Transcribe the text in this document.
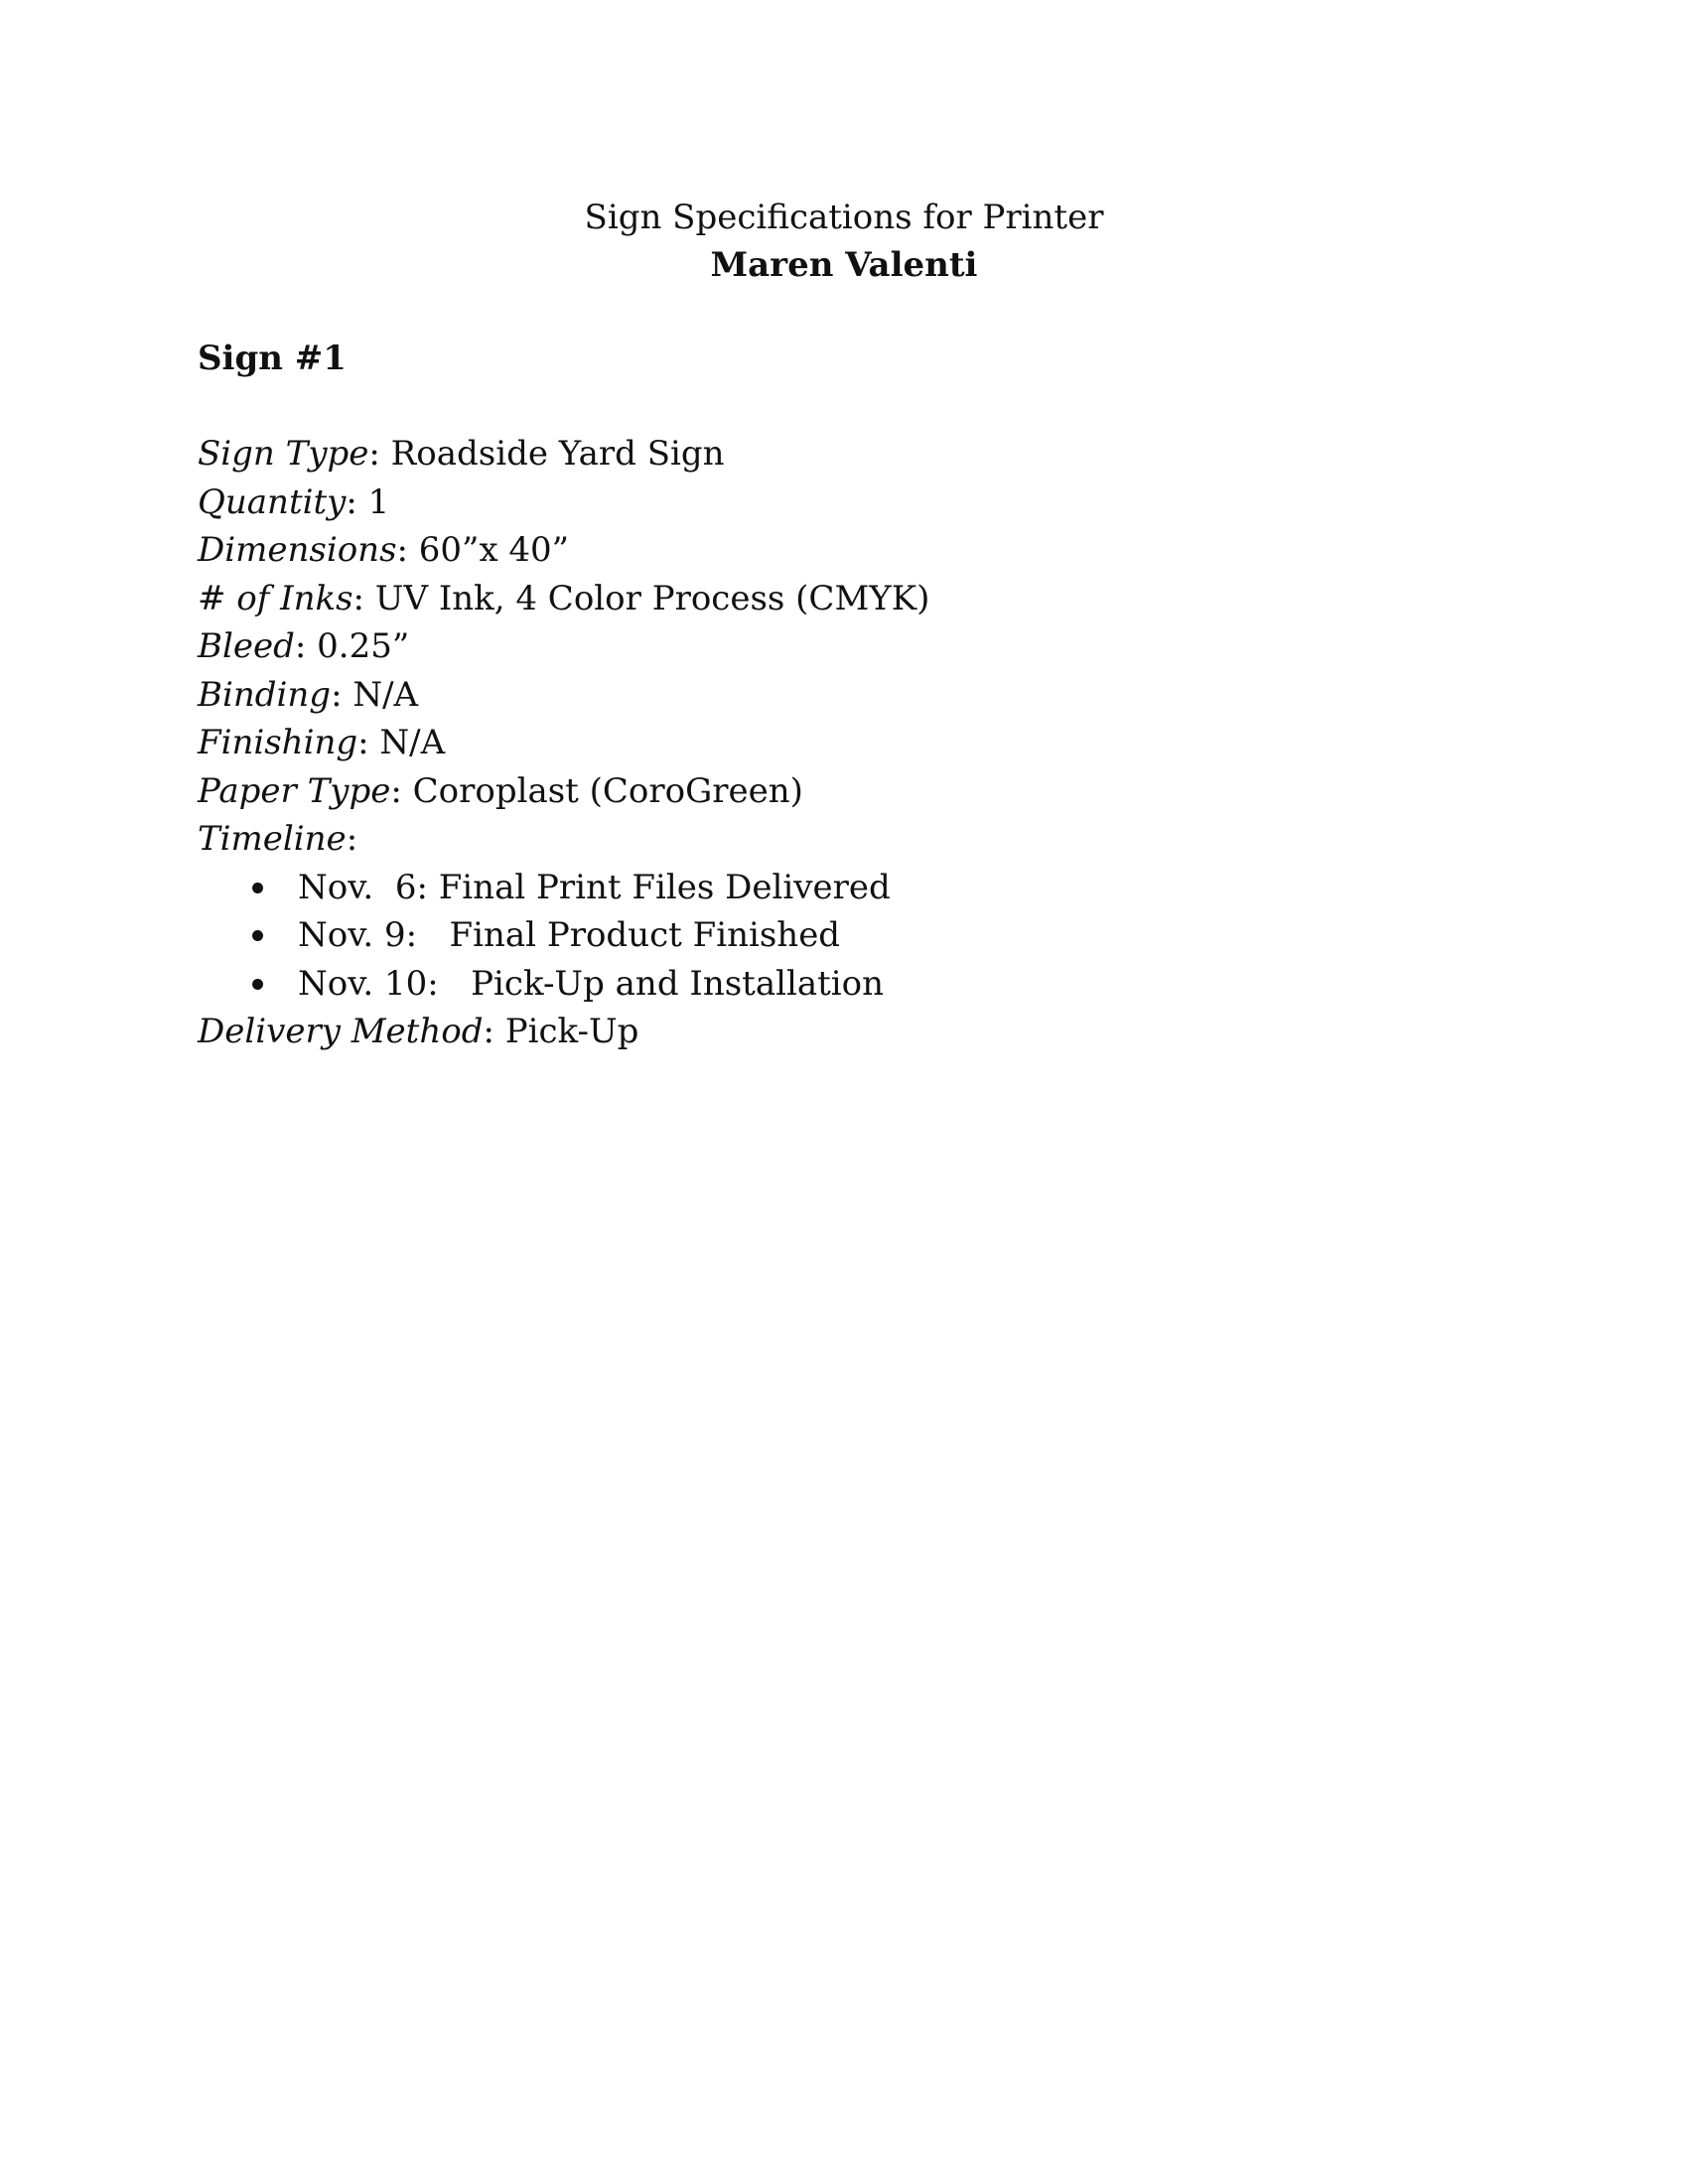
Sign Specifications for Printer
Maren Valenti
Sign #1
Sign Type: Roadside Yard Sign
Quantity: 1
Dimensions: 60”x 40”
# of Inks: UV Ink, 4 Color Process (CMYK)
Bleed: 0.25”
Binding: N/A
Finishing: N/A
Paper Type: Coroplast (CoroGreen)
Timeline:
Nov.  6: Final Print Files Delivered
Nov. 9:   Final Product Finished
Nov. 10:   Pick-Up and Installation
Delivery Method: Pick-Up
